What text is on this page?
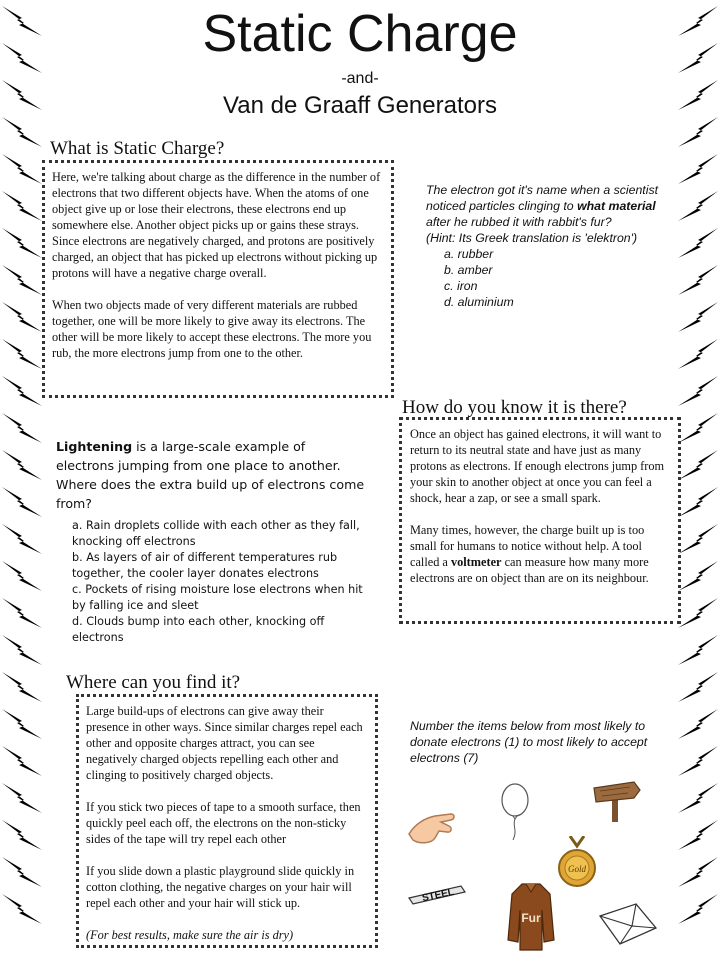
Static Charge
-and-
Van de Graaff Generators
What is Static Charge?

Here, we're talking about charge as the difference in the number of electrons that two different objects have. When the atoms of one object give up or lose their electrons, these electrons end up somewhere else. Another object picks up or gains these strays. Since electrons are negatively charged, and protons are positively charged, an object that has picked up electrons without picking up protons will have a negative charge overall.

When two objects made of very different materials are rubbed together, one will be more likely to give away its electrons. The other will be more likely to accept these electrons. The more you rub, the more electrons jump from one to the other.

The electron got it's name when a scientist noticed particles clinging to what material after he rubbed it with rabbit's fur?
(Hint: Its Greek translation is 'elektron')
a. rubber
b. amber
c. iron
d. aluminium
How do you know it is there?

Once an object has gained electrons, it will want to return to its neutral state and have just as many protons as electrons. If enough electrons jump from your skin to another object at once you can feel a shock, hear a zap, or see a small spark.

Many times, however, the charge built up is too small for humans to notice without help. A tool called a voltmeter can measure how many more electrons are on object than are on its neighbour.

Lightening is a large-scale example of electrons jumping from one place to another. Where does the extra build up of electrons come from?
a. Rain droplets collide with each other as they fall, knocking off electrons
b. As layers of air of different temperatures rub together, the cooler layer donates electrons
c. Pockets of rising moisture lose electrons when hit by falling ice and sleet
d. Clouds bump into each other, knocking off electrons
Where can you find it?

Large build-ups of electrons can give away their presence in other ways. Since similar charges repel each other and opposite charges attract, you can see negatively charged objects repelling each other and clinging to positively charged objects.

If you stick two pieces of tape to a smooth surface, then quickly peel each off, the electrons on the non-sticky sides of the tape will try repel each other

If you slide down a plastic playground slide quickly in cotton clothing, the negative charges on your hair will repel each other and your hair will stick up.

(For best results, make sure the air is dry)

Number the items below from most likely to donate electrons (1) to most likely to accept electrons (7)
Gold
STEEL
Fur
